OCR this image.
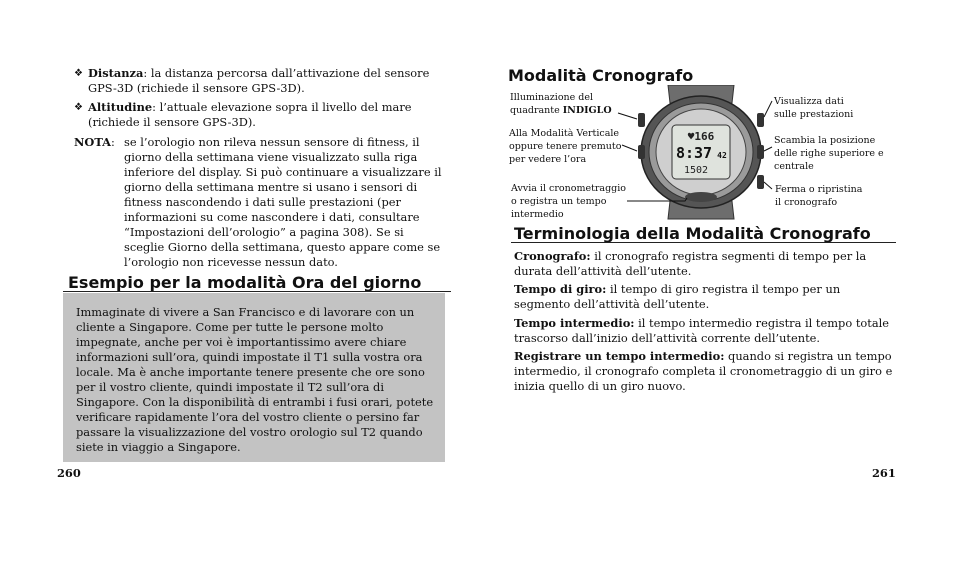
❖ Distanza: la distanza percorsa dall’attivazione del sensore GPS-3D (richiede il sensore GPS-3D).
❖ Altitudine: l’attuale elevazione sopra il livello del mare (richiede il sensore GPS-3D).
NOTA: se l’orologio non rileva nessun sensore di fitness, il giorno della settimana viene visualizzato sulla riga inferiore del display. Si può continuare a visualizzare il giorno della settimana mentre si usano i sensori di fitness nascondendo i dati sulle prestazioni (per informazioni su come nascondere i dati, consultare “Impostazioni dell’orologio” a pagina 308). Se si sceglie Giorno della settimana, questo appare come se l’orologio non ricevesse nessun dato.
Esempio per la modalità Ora del giorno
Immaginate di vivere a San Francisco e di lavorare con un cliente a Singapore. Come per tutte le persone molto impegnate, anche per voi è importantissimo avere chiare informazioni sull’ora, quindi impostate il T1 sulla vostra ora locale. Ma è anche importante tenere presente che ore sono per il vostro cliente, quindi impostate il T2 sull’ora di Singapore. Con la disponibilità di entrambi i fusi orari, potete verificare rapidamente l’ora del vostro cliente o persino far passare la visualizzazione del vostro orologio sul T2 quando siete in viaggio a Singapore.
260
Modalità Cronografo
Illuminazione del
quadrante INDIGLO
Alla Modalità Verticale
oppure tenere premuto
per vedere l’ora
Avvia il cronometraggio
o registra un tempo
intermedio
Visualizza dati
sulle prestazioni
Scambia la posizione
delle righe superiore e
centrale
Ferma o ripristina
il cronografo
♥166
8:37 42
1502
Terminologia della Modalità Cronografo
Cronografo: il cronografo registra segmenti di tempo per la durata dell’attività dell’utente.
Tempo di giro: il tempo di giro registra il tempo per un segmento dell’attività dell’utente.
Tempo intermedio: il tempo intermedio registra il tempo totale trascorso dall’inizio dell’attività corrente dell’utente.
Registrare un tempo intermedio: quando si registra un tempo intermedio, il cronografo completa il cronometraggio di un giro e inizia quello di un giro nuovo.
261
